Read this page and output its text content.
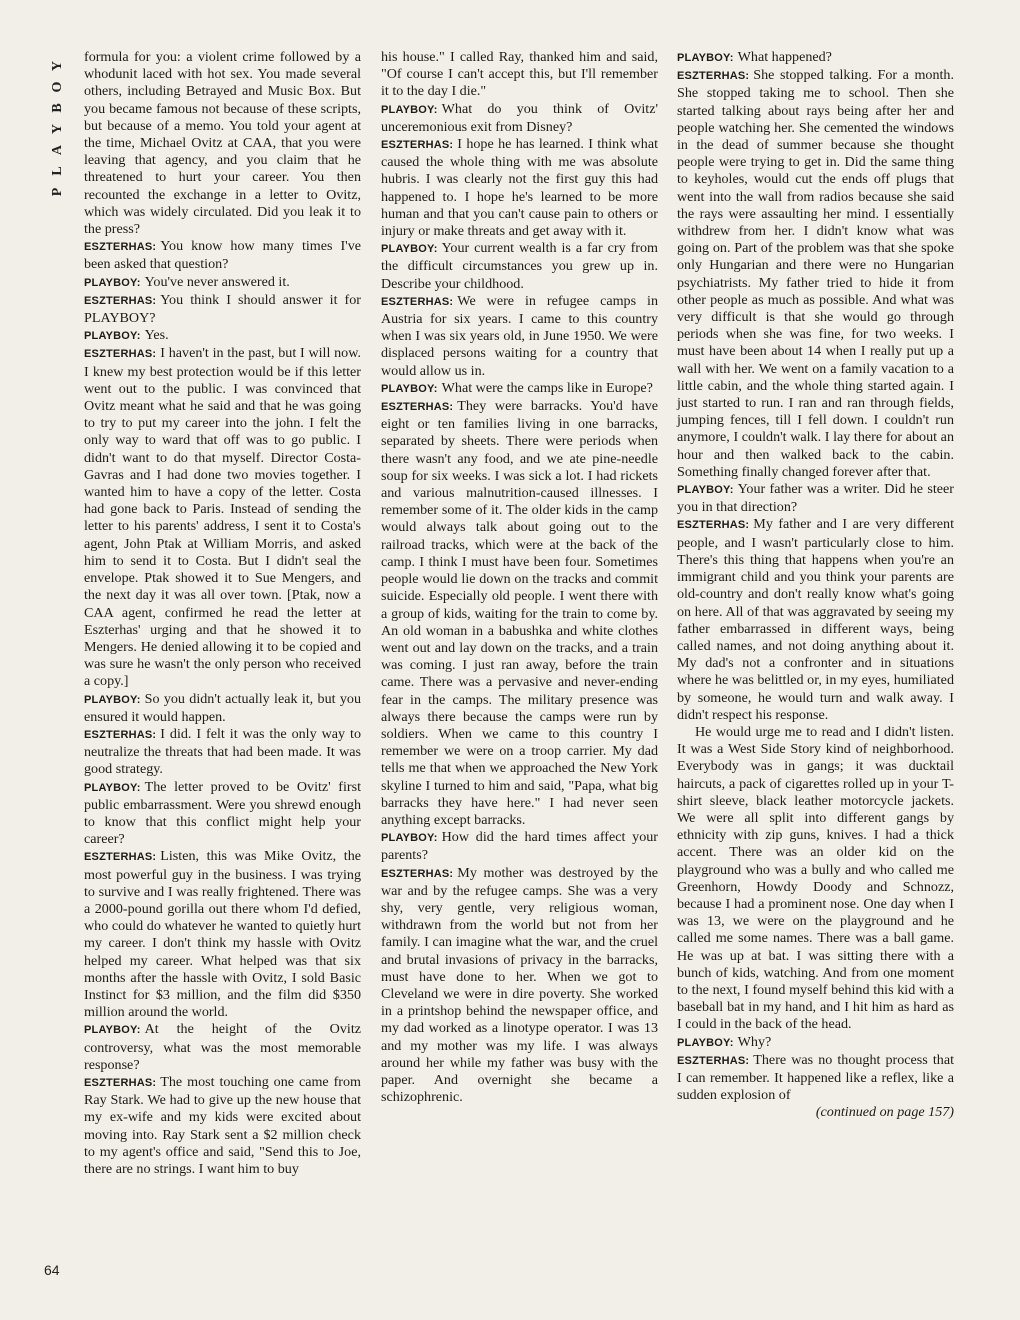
P
L
A
Y
B
O
Y
64

formula for you: a violent crime followed by a whodunit laced with hot sex. You made several others, including Betrayed and Music Box. But you became famous not because of these scripts, but because of a memo. You told your agent at the time, Michael Ovitz at CAA, that you were leaving that agency, and you claim that he threatened to hurt your career. You then recounted the exchange in a letter to Ovitz, which was widely circulated. Did you leak it to the press?

ESZTERHAS: You know how many times I've been asked that question?

PLAYBOY: You've never answered it.

ESZTERHAS: You think I should answer it for PLAYBOY?

PLAYBOY: Yes.

ESZTERHAS: I haven't in the past, but I will now. I knew my best protection would be if this letter went out to the public. I was convinced that Ovitz meant what he said and that he was going to try to put my career into the john. I felt the only way to ward that off was to go public. I didn't want to do that myself. Director Costa-Gavras and I had done two movies together. I wanted him to have a copy of the letter. Costa had gone back to Paris. Instead of sending the letter to his parents' address, I sent it to Costa's agent, John Ptak at William Morris, and asked him to send it to Costa. But I didn't seal the envelope. Ptak showed it to Sue Mengers, and the next day it was all over town. [Ptak, now a CAA agent, confirmed he read the letter at Eszterhas' urging and that he showed it to Mengers. He denied allowing it to be copied and was sure he wasn't the only person who received a copy.]

PLAYBOY: So you didn't actually leak it, but you ensured it would happen.

ESZTERHAS: I did. I felt it was the only way to neutralize the threats that had been made. It was good strategy.

PLAYBOY: The letter proved to be Ovitz' first public embarrassment. Were you shrewd enough to know that this conflict might help your career?

ESZTERHAS: Listen, this was Mike Ovitz, the most powerful guy in the business. I was trying to survive and I was really frightened. There was a 2000-pound gorilla out there whom I'd defied, who could do whatever he wanted to quietly hurt my career. I don't think my hassle with Ovitz helped my career. What helped was that six months after the hassle with Ovitz, I sold Basic Instinct for $3 million, and the film did $350 million around the world.

PLAYBOY: At the height of the Ovitz controversy, what was the most memorable response?

ESZTERHAS: The most touching one came from Ray Stark. We had to give up the new house that my ex-wife and my kids were excited about moving into. Ray Stark sent a $2 million check to my agent's office and said, "Send this to Joe, there are no strings. I want him to buy

his house." I called Ray, thanked him and said, "Of course I can't accept this, but I'll remember it to the day I die."

PLAYBOY: What do you think of Ovitz' unceremonious exit from Disney?

ESZTERHAS: I hope he has learned. I think what caused the whole thing with me was absolute hubris. I was clearly not the first guy this had happened to. I hope he's learned to be more human and that you can't cause pain to others or injury or make threats and get away with it.

PLAYBOY: Your current wealth is a far cry from the difficult circumstances you grew up in. Describe your childhood.

ESZTERHAS: We were in refugee camps in Austria for six years. I came to this country when I was six years old, in June 1950. We were displaced persons waiting for a country that would allow us in.

PLAYBOY: What were the camps like in Europe?

ESZTERHAS: They were barracks. You'd have eight or ten families living in one barracks, separated by sheets. There were periods when there wasn't any food, and we ate pine-needle soup for six weeks. I was sick a lot. I had rickets and various malnutrition-caused illnesses. I remember some of it. The older kids in the camp would always talk about going out to the railroad tracks, which were at the back of the camp. I think I must have been four. Sometimes people would lie down on the tracks and commit suicide. Especially old people. I went there with a group of kids, waiting for the train to come by. An old woman in a babushka and white clothes went out and lay down on the tracks, and a train was coming. I just ran away, before the train came. There was a pervasive and never-ending fear in the camps. The military presence was always there because the camps were run by soldiers. When we came to this country I remember we were on a troop carrier. My dad tells me that when we approached the New York skyline I turned to him and said, "Papa, what big barracks they have here." I had never seen anything except barracks.

PLAYBOY: How did the hard times affect your parents?

ESZTERHAS: My mother was destroyed by the war and by the refugee camps. She was a very shy, very gentle, very religious woman, withdrawn from the world but not from her family. I can imagine what the war, and the cruel and brutal invasions of privacy in the barracks, must have done to her. When we got to Cleveland we were in dire poverty. She worked in a printshop behind the newspaper office, and my dad worked as a linotype operator. I was 13 and my mother was my life. I was always around her while my father was busy with the paper. And overnight she became a schizophrenic.

PLAYBOY: What happened?

ESZTERHAS: She stopped talking. For a month. She stopped taking me to school. Then she started talking about rays being after her and people watching her. She cemented the windows in the dead of summer because she thought people were trying to get in. Did the same thing to keyholes, would cut the ends off plugs that went into the wall from radios because she said the rays were assaulting her mind. I essentially withdrew from her. I didn't know what was going on. Part of the problem was that she spoke only Hungarian and there were no Hungarian psychiatrists. My father tried to hide it from other people as much as possible. And what was very difficult is that she would go through periods when she was fine, for two weeks. I must have been about 14 when I really put up a wall with her. We went on a family vacation to a little cabin, and the whole thing started again. I just started to run. I ran and ran through fields, jumping fences, till I fell down. I couldn't run anymore, I couldn't walk. I lay there for about an hour and then walked back to the cabin. Something finally changed forever after that.

PLAYBOY: Your father was a writer. Did he steer you in that direction?

ESZTERHAS: My father and I are very different people, and I wasn't particularly close to him. There's this thing that happens when you're an immigrant child and you think your parents are old-country and don't really know what's going on here. All of that was aggravated by seeing my father embarrassed in different ways, being called names, and not doing anything about it. My dad's not a confronter and in situations where he was belittled or, in my eyes, humiliated by someone, he would turn and walk away. I didn't respect his response.

He would urge me to read and I didn't listen. It was a West Side Story kind of neighborhood. Everybody was in gangs; it was ducktail haircuts, a pack of cigarettes rolled up in your T-shirt sleeve, black leather motorcycle jackets. We were all split into different gangs by ethnicity with zip guns, knives. I had a thick accent. There was an older kid on the playground who was a bully and who called me Greenhorn, Howdy Doody and Schnozz, because I had a prominent nose. One day when I was 13, we were on the playground and he called me some names. There was a ball game. He was up at bat. I was sitting there with a bunch of kids, watching. And from one moment to the next, I found myself behind this kid with a baseball bat in my hand, and I hit him as hard as I could in the back of the head.

PLAYBOY: Why?

ESZTERHAS: There was no thought process that I can remember. It happened like a reflex, like a sudden explosion of

(continued on page 157)
